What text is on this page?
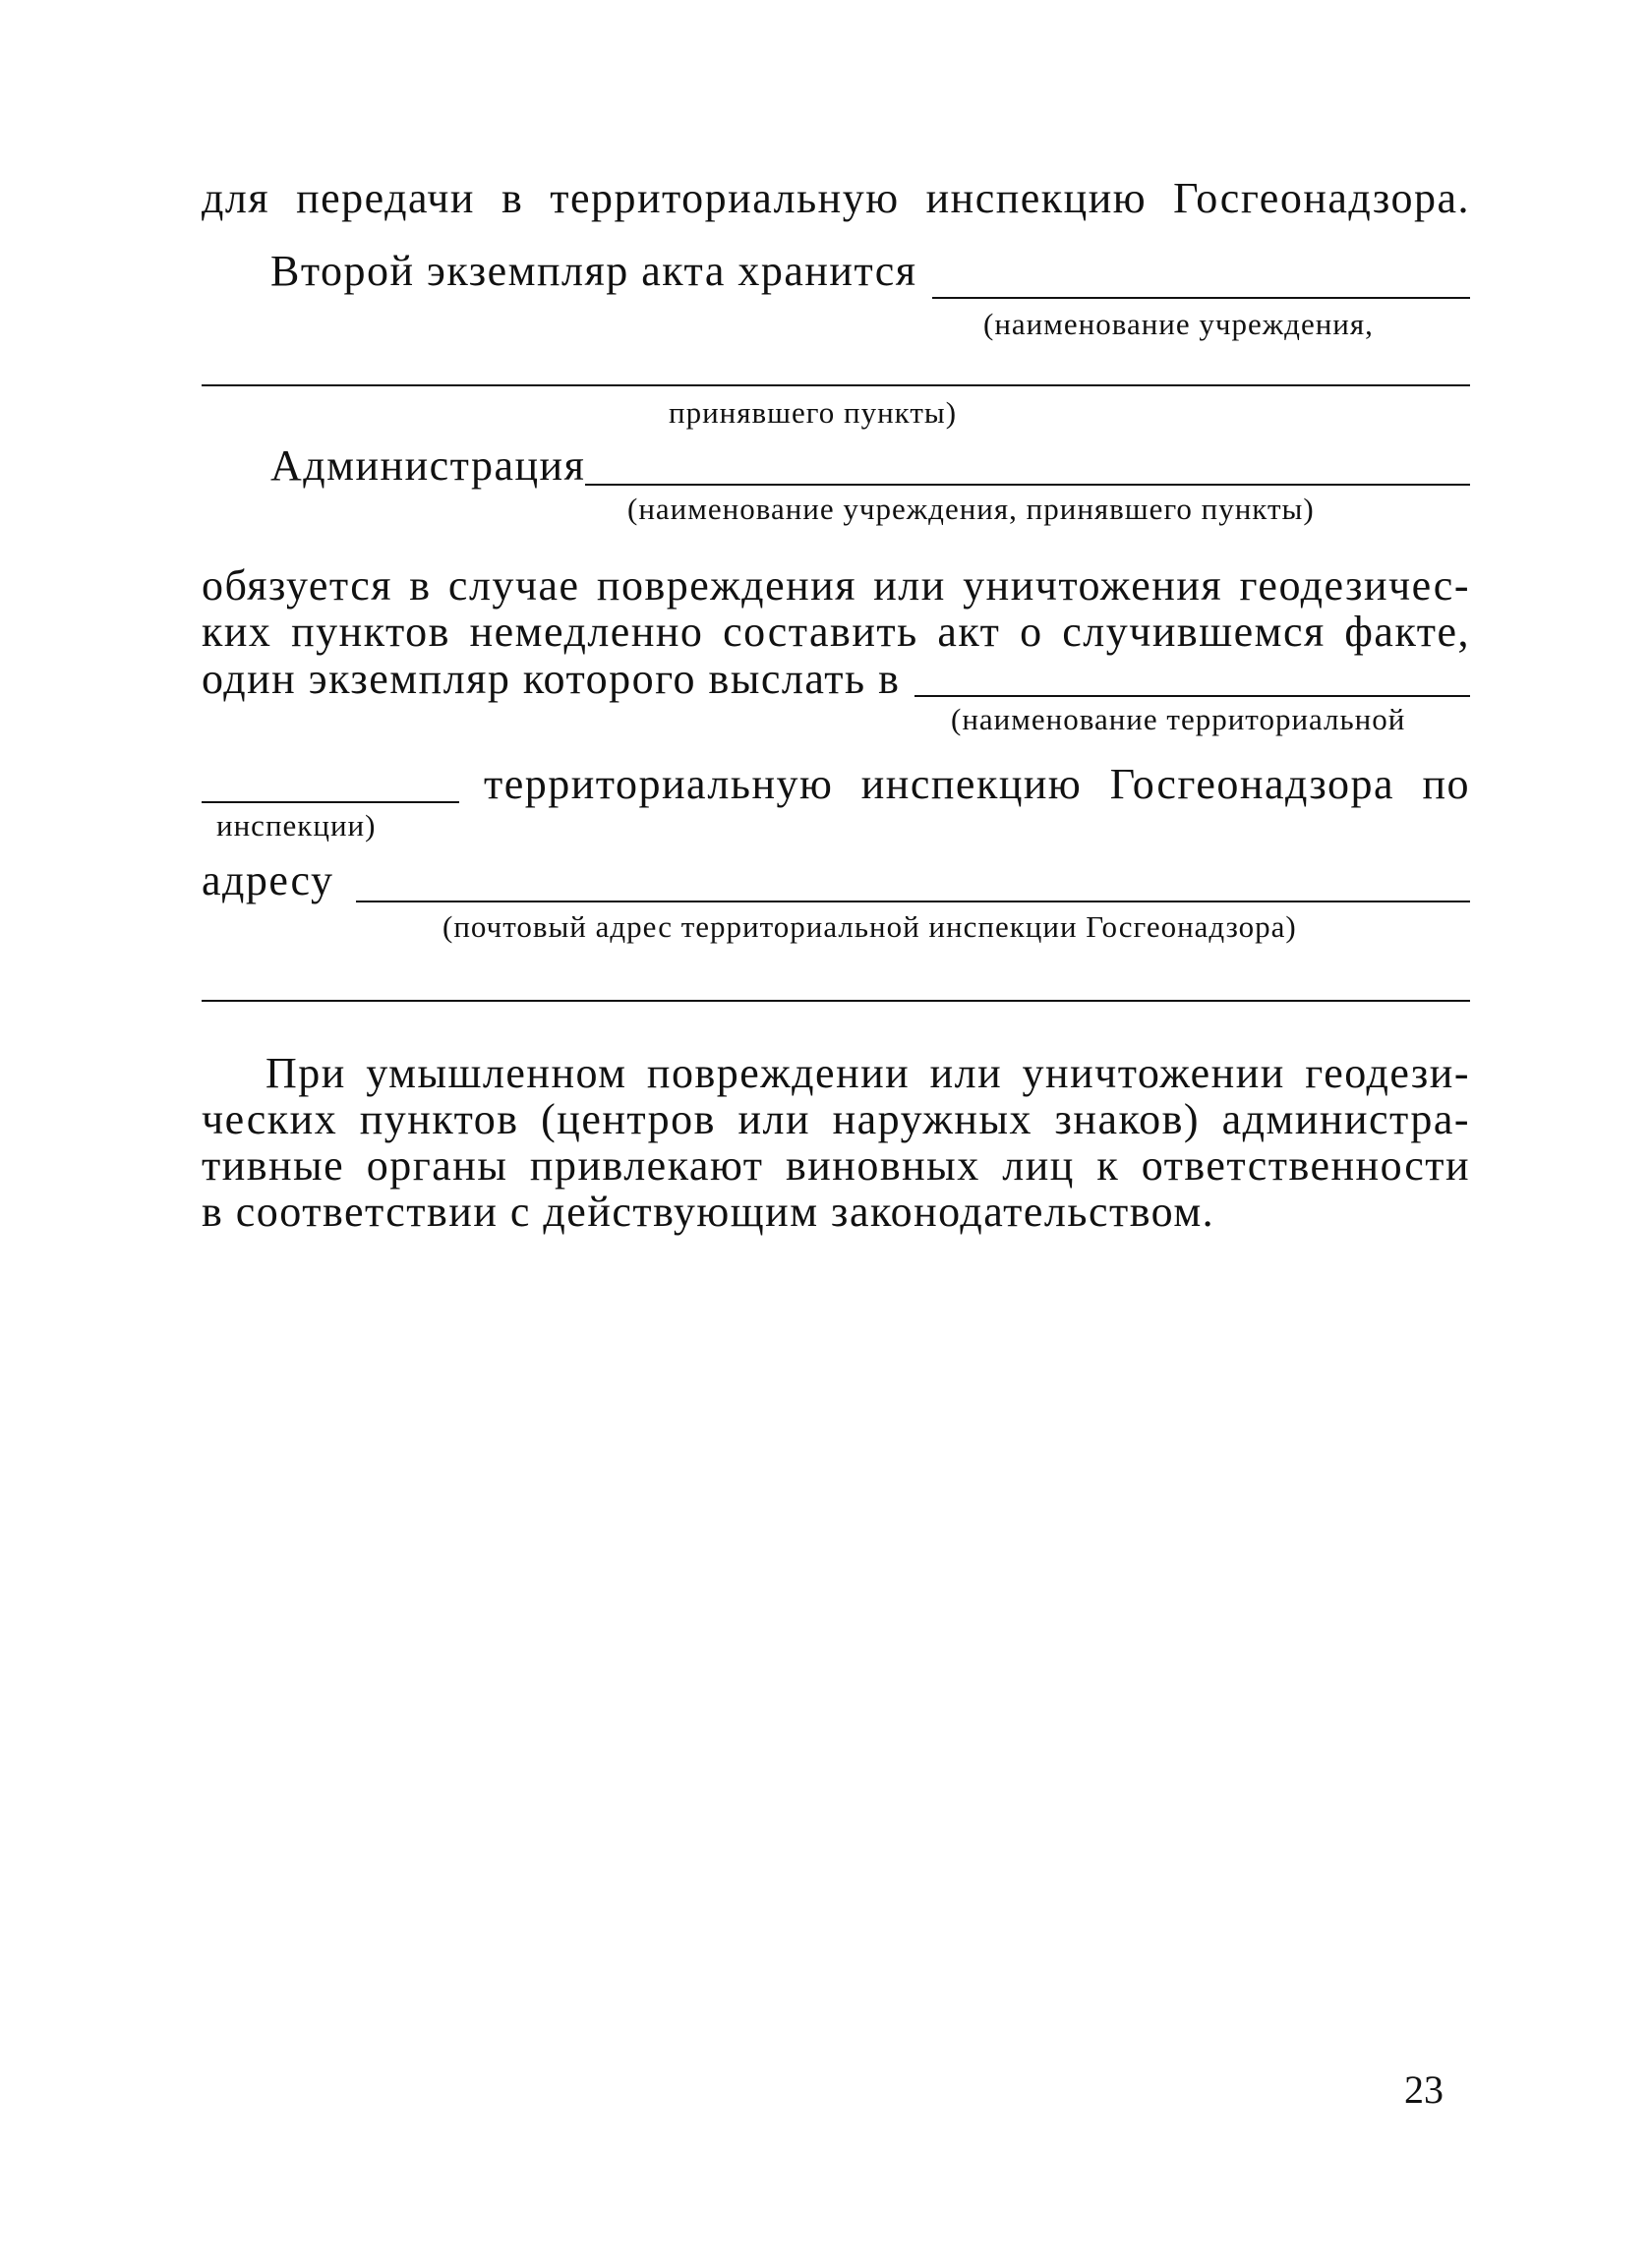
для передачи в территориальную инспекцию Госгеонадзора.
Второй экземпляр акта хранится
(наименование учреждения,
принявшего пункты)
Администрация
(наименование учреждения, принявшего пункты)
обязуется в случае повреждения или уничтожения геодезичес-
ких пунктов немедленно составить акт о случившемся факте,
один экземпляр которого выслать в
(наименование территориальной
территориальную инспекцию Госгеонадзора по
инспекции)
адресу
(почтовый адрес территориальной инспекции Госгеонадзора)
При умышленном повреждении или уничтожении геодези-
ческих пунктов (центров или наружных знаков) администра-
тивные органы привлекают виновных лиц к ответственности
в соответствии с действующим законодательством.
23
